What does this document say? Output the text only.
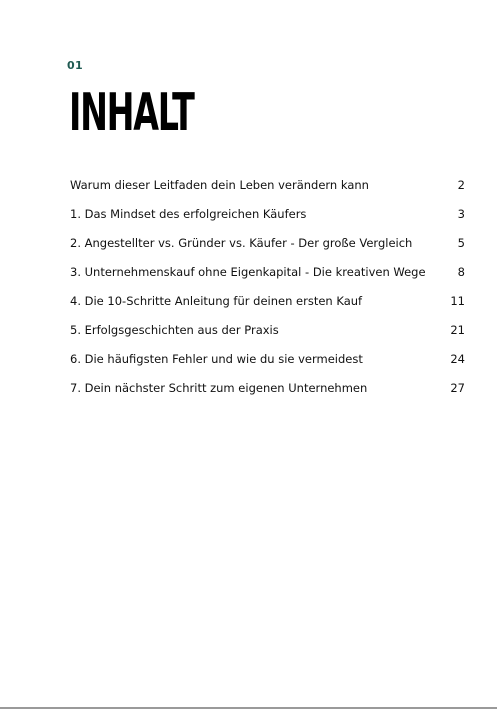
01
INHALT
Warum dieser Leitfaden dein Leben verändern kann	2
1. Das Mindset des erfolgreichen Käufers	3
2. Angestellter vs. Gründer vs. Käufer - Der große Vergleich	5
3. Unternehmenskauf ohne Eigenkapital - Die kreativen Wege	8
4. Die 10-Schritte Anleitung für deinen ersten Kauf	11
5. Erfolgsgeschichten aus der Praxis	21
6. Die häufigsten Fehler und wie du sie vermeidest	24
7. Dein nächster Schritt zum eigenen Unternehmen	27
